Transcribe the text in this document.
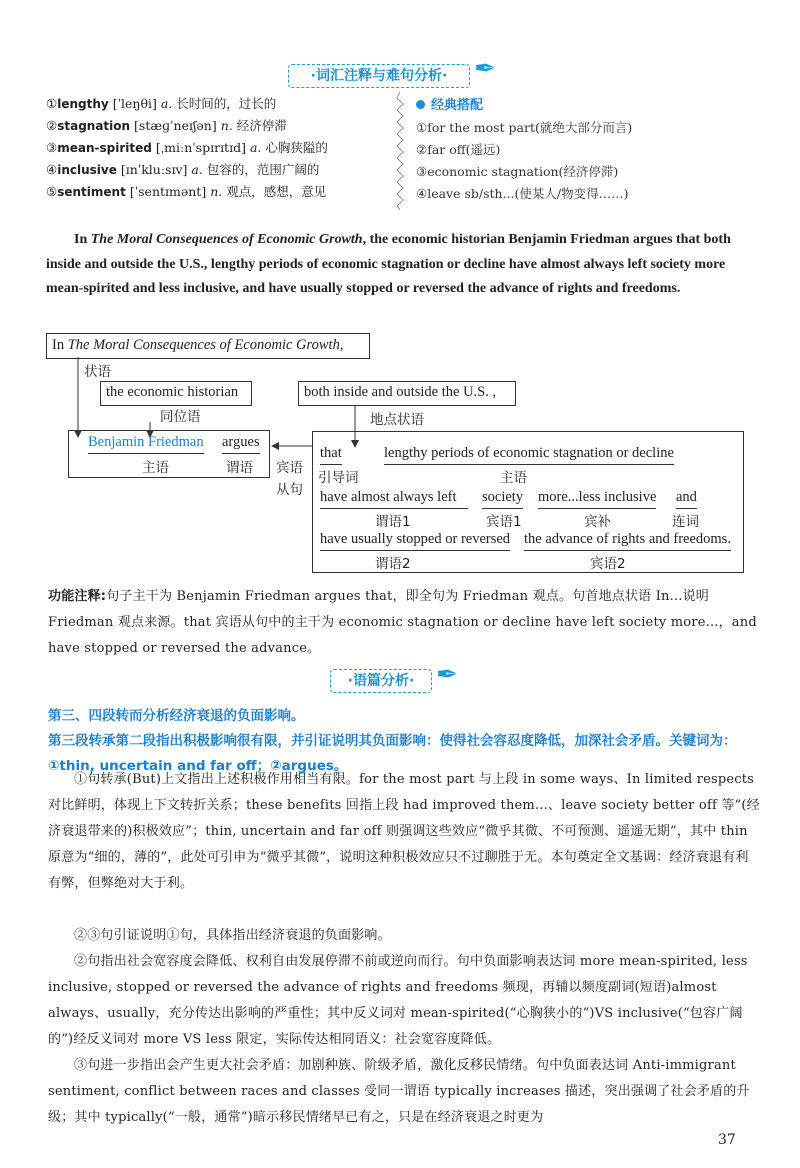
·词汇注释与难句分析·	✒
①lengthy [ˈleŋθi] a. 长时间的，过长的
②stagnation [stæɡˈneɪʃən] n. 经济停滞
③mean-spirited [ˌmiːnˈspɪrɪtɪd] a. 心胸狭隘的
④inclusive [ɪnˈkluːsɪv] a. 包容的，范围广阔的
⑤sentiment [ˈsentɪmənt] n. 观点，感想，意见
经典搭配
①for the most part(就绝大部分而言)
②far off(遥远)
③economic stagnation(经济停滞)
④leave sb/sth...(使某人/物变得……)
In The Moral Consequences of Economic Growth, the economic historian Benjamin Friedman argues that both inside and outside the U.S., lengthy periods of economic stagnation or decline have almost always left society more mean-spirited and less inclusive, and have usually stopped or reversed the advance of rights and freedoms.
In The Moral Consequences of Economic Growth,
状语
the economic historian
同位语
both inside and outside the U.S. ,
地点状语
Benjamin Friedman argues
主语	谓语 宾语
从句
that
引导词
lengthy periods of economic stagnation or decline
主语
have almost always left
谓语1
society
宾语1
more...less inclusive
宾补
and
连词
have usually stopped or reversed
谓语2
the advance of rights and freedoms.
宾语2
功能注释:句子主干为 Benjamin Friedman argues that，即全句为 Friedman 观点。句首地点状语 In...说明 Friedman 观点来源。that 宾语从句中的主干为 economic stagnation or decline have left society more...，and have stopped or reversed the advance。
·语篇分析· ✒
第三、四段转而分析经济衰退的负面影响。
第三段转承第二段指出积极影响很有限，并引证说明其负面影响：使得社会容忍度降低，加深社会矛盾。关键词为：①thin, uncertain and far off；②argues。
①句转承(But)上文指出上述积极作用相当有限。for the most part 与上段 in some ways、In limited respects 对比鲜明，体现上下文转折关系；these benefits 回指上段 had improved them...、leave society better off 等“(经济衰退带来的)积极效应”；thin, uncertain and far off 则强调这些效应“微乎其微、不可预测、遥遥无期”，其中 thin 原意为“细的，薄的”，此处可引申为“微乎其微”，说明这种积极效应只不过聊胜于无。本句奠定全文基调：经济衰退有利有弊，但弊绝对大于利。
②③句引证说明①句，具体指出经济衰退的负面影响。
②句指出社会宽容度会降低、权利自由发展停滞不前或逆向而行。句中负面影响表达词 more mean-spirited, less inclusive, stopped or reversed the advance of rights and freedoms 频现，再辅以频度副词(短语)almost always、usually，充分传达出影响的严重性；其中反义词对 mean-spirited(“心胸狭小的”)VS inclusive(“包容广阔的”)经反义词对 more VS less 限定，实际传达相同语义：社会宽容度降低。
③句进一步指出会产生更大社会矛盾：加剧种族、阶级矛盾，激化反移民情绪。句中负面表达词 Anti-immigrant sentiment, conflict between races and classes 受同一谓语 typically increases 描述，突出强调了社会矛盾的升级；其中 typically(“一般，通常”)暗示移民情绪早已有之，只是在经济衰退之时更为
37
